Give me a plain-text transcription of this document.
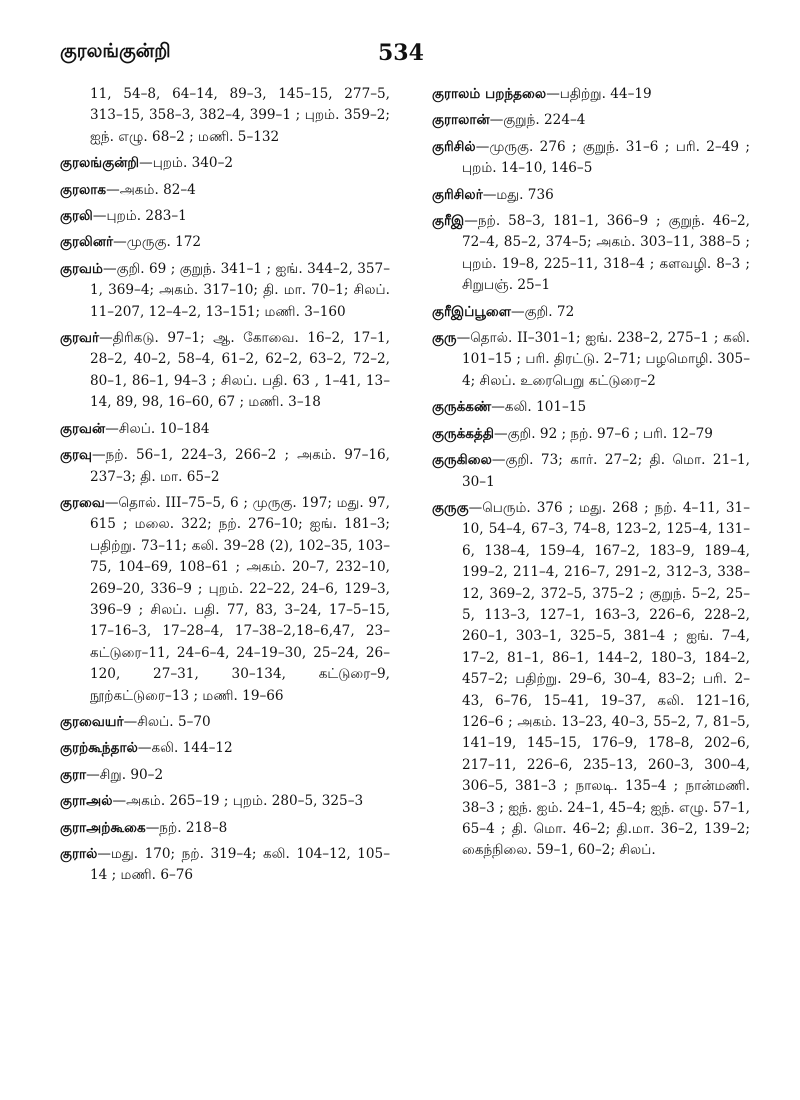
குரலங்குன்றி	534
11, 54–8, 64–14, 89–3, 145–15, 277–5, 313–15, 358–3, 382–4, 399–1 ; புறம். 359–2; ஐந். எழு. 68–2 ; மணி. 5–132
குரலங்குன்றி—புறம். 340–2
குரலாக—அகம். 82–4
குரலி—புறம். 283–1
குரலினர்—முருகு. 172
குரவம்—குறி. 69 ; குறுந். 341–1 ; ஐங். 344–2, 357–1, 369–4; அகம். 317–10; தி. மா. 70–1; சிலப். 11–207, 12–4–2, 13–151; மணி. 3–160
குரவர்—திரிகடு. 97–1; ஆ. கோவை. 16–2, 17–1, 28–2, 40–2, 58–4, 61–2, 62–2, 63–2, 72–2, 80–1, 86–1, 94–3 ; சிலப். பதி. 63 , 1–41, 13–14, 89, 98, 16–60, 67 ; மணி. 3–18
குரவன்—சிலப். 10–184
குரவு—நற். 56–1, 224–3, 266–2 ; அகம். 97–16, 237–3; தி. மா. 65–2
குரவை—தொல். III–75–5, 6 ; முருகு. 197; மது. 97, 615 ; மலை. 322; நற். 276–10; ஐங். 181–3; பதிற்று. 73–11; கலி. 39–28 (2), 102–35, 103–75, 104–69, 108–61 ; அகம். 20–7, 232–10, 269–20, 336–9 ; புறம். 22–22, 24–6, 129–3, 396–9 ; சிலப். பதி. 77, 83, 3–24, 17–5–15, 17–16–3, 17–28–4, 17–38–2,18–6,47, 23–கட்டுரை–11, 24–6–4, 24–19–30, 25–24, 26–120, 27–31, 30–134, கட்டுரை–9, நூற்கட்டுரை–13 ; மணி. 19–66
குரவையர்—சிலப். 5–70
குரற்கூந்தால்—கலி. 144–12
குரா—சிறு. 90–2
குராஅல்—அகம். 265–19 ; புறம். 280–5, 325–3
குராஅற்கூகை—நற். 218–8
குரால்—மது. 170; நற். 319–4; கலி. 104–12, 105–14 ; மணி. 6–76
குராலம் பறந்தலை—பதிற்று. 44–19
குராலான்—குறுந். 224–4
குரிசில்—முருகு. 276 ; குறுந். 31–6 ; பரி. 2–49 ; புறம். 14–10, 146–5
குரிசிலர்—மது. 736
குரீஇ—நற். 58–3, 181–1, 366–9 ; குறுந். 46–2, 72–4, 85–2, 374–5; அகம். 303–11, 388–5 ; புறம். 19–8, 225–11, 318–4 ; களவழி. 8–3 ; சிறுபஞ். 25–1
குரீஇப்பூளை—குறி. 72
குரு—தொல். II–301–1; ஐங். 238–2, 275–1 ; கலி. 101–15 ; பரி. திரட்டு. 2–71; பழமொழி. 305–4; சிலப். உரைபெறு கட்டுரை–2
குருக்கண்—கலி. 101–15
குருக்கத்தி—குறி. 92 ; நற். 97–6 ; பரி. 12–79
குருகிலை—குறி. 73; கார். 27–2; தி. மொ. 21–1, 30–1
குருகு—பெரும். 376 ; மது. 268 ; நற். 4–11, 31–10, 54–4, 67–3, 74–8, 123–2, 125–4, 131–6, 138–4, 159–4, 167–2, 183–9, 189–4, 199–2, 211–4, 216–7, 291–2, 312–3, 338–12, 369–2, 372–5, 375–2 ; குறுந். 5–2, 25–5, 113–3, 127–1, 163–3, 226–6, 228–2, 260–1, 303–1, 325–5, 381–4 ; ஐங். 7–4, 17–2, 81–1, 86–1, 144–2, 180–3, 184–2, 457–2; பதிற்று. 29–6, 30–4, 83–2; பரி. 2–43, 6–76, 15–41, 19–37, கலி. 121–16, 126–6 ; அகம். 13–23, 40–3, 55–2, 7, 81–5, 141–19, 145–15, 176–9, 178–8, 202–6, 217–11, 226–6, 235–13, 260–3, 300–4, 306–5, 381–3 ; நாலடி. 135–4 ; நான்மணி. 38–3 ; ஐந். ஐம். 24–1, 45–4; ஐந். எழு. 57–1, 65–4 ; தி. மொ. 46–2; தி.மா. 36–2, 139–2; கைந்நிலை. 59–1, 60–2; சிலப்.
